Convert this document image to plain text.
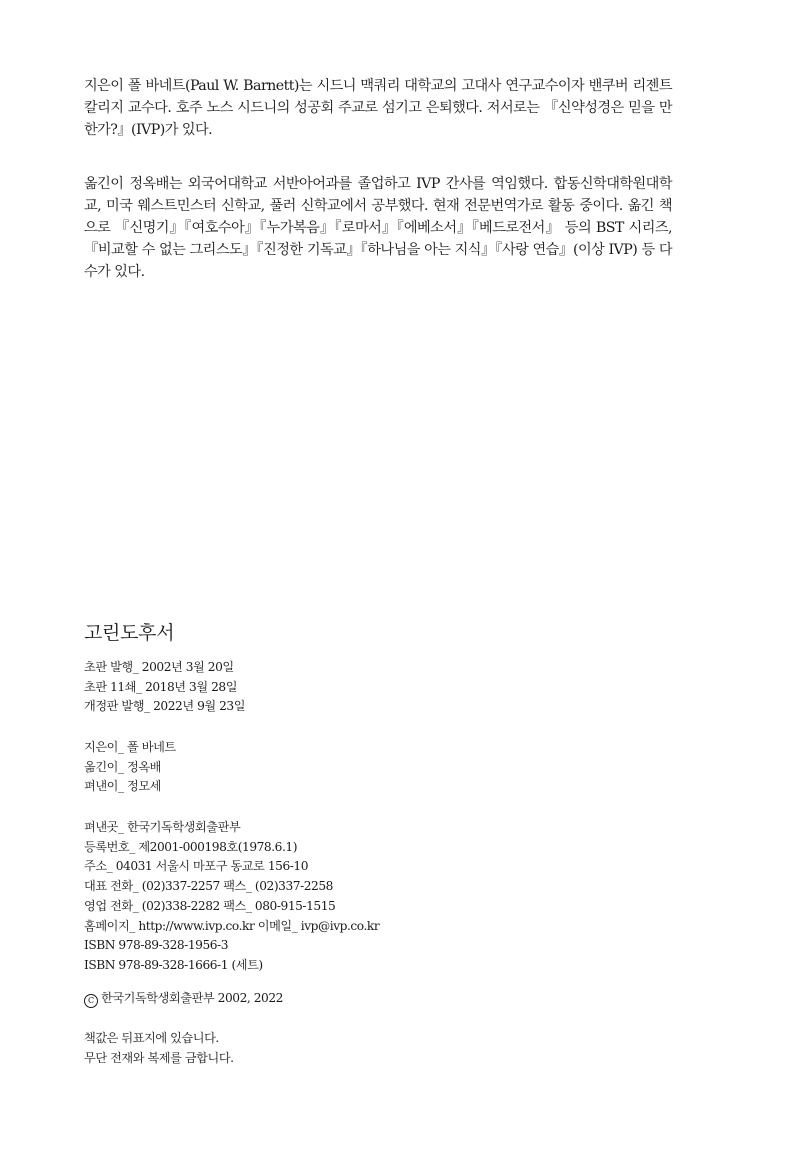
지은이 폴 바네트(Paul W. Barnett)는 시드니 맥쿼리 대학교의 고대사 연구교수이자 밴쿠버 리젠트 칼리지 교수다. 호주 노스 시드니의 성공회 주교로 섬기고 은퇴했다. 저서로는 『신약성경은 믿을 만한가?』(IVP)가 있다.

옮긴이 정옥배는 외국어대학교 서반아어과를 졸업하고 IVP 간사를 역임했다. 합동신학대학원대학교, 미국 웨스트민스터 신학교, 풀러 신학교에서 공부했다. 현재 전문번역가로 활동 중이다. 옮긴 책으로 『신명기』『여호수아』『누가복음』『로마서』『에베소서』『베드로전서』 등의 BST 시리즈, 『비교할 수 없는 그리스도』『진정한 기독교』『하나님을 아는 지식』『사랑 연습』(이상 IVP) 등 다수가 있다.

고린도후서
초판 발행_ 2002년 3월 20일
초판 11쇄_ 2018년 3월 28일
개정판 발행_ 2022년 9월 23일
지은이_ 폴 바네트
옮긴이_ 정옥배
펴낸이_ 정모세
펴낸곳_ 한국기독학생회출판부
등록번호_ 제2001-000198호(1978.6.1)
주소_ 04031 서울시 마포구 동교로 156-10
대표 전화_ (02)337-2257 팩스_ (02)337-2258
영업 전화_ (02)338-2282 팩스_ 080-915-1515
홈페이지_ http://www.ivp.co.kr 이메일_ ivp@ivp.co.kr
ISBN 978-89-328-1956-3
ISBN 978-89-328-1666-1 (세트)
C 한국기독학생회출판부 2002, 2022
책값은 뒤표지에 있습니다.
무단 전재와 복제를 금합니다.
